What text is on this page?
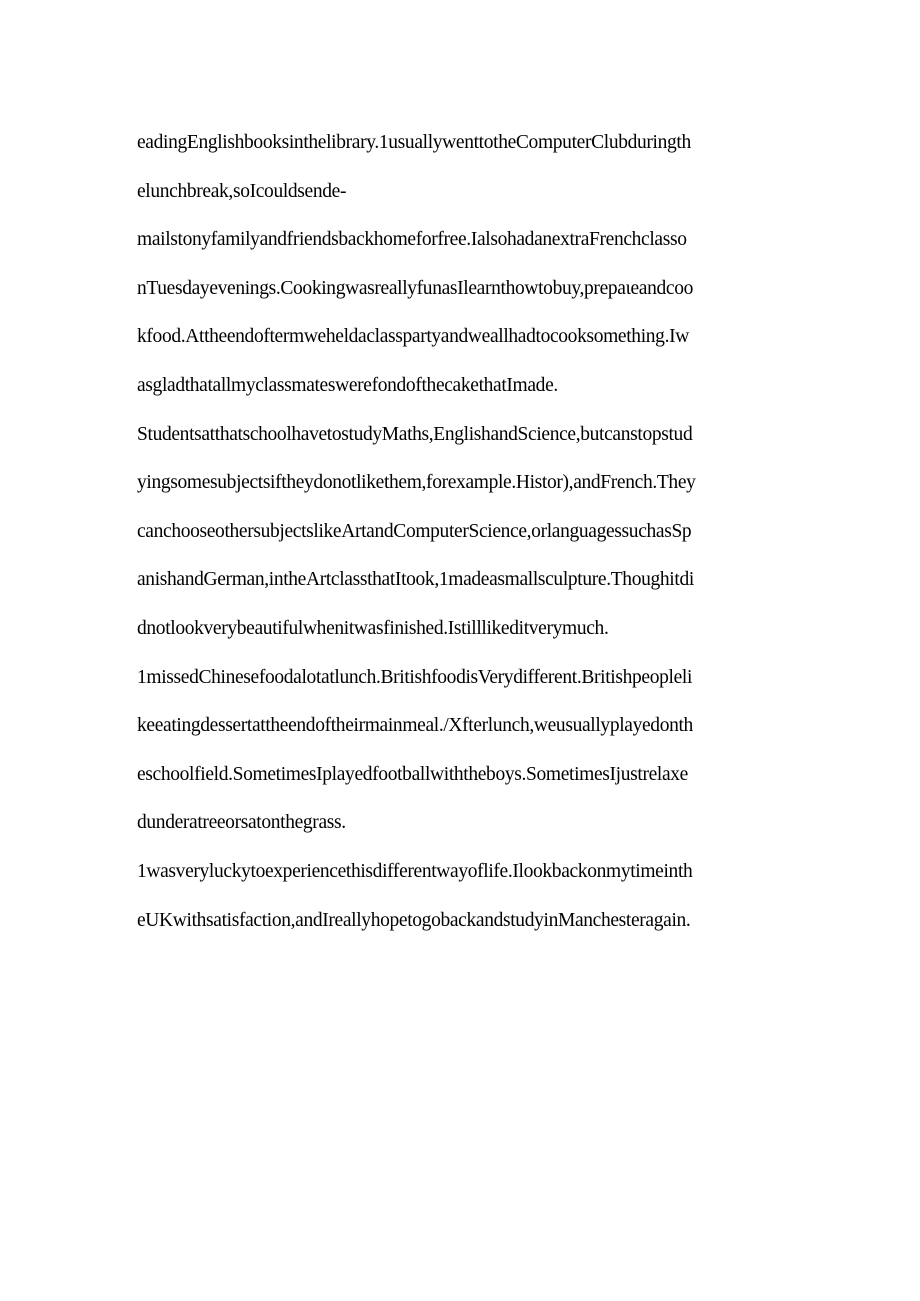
eadingEnglishbooksinthelibrary.1usuallywenttotheComputerClubduringth
elunchbreak,soIcouldsende-
mailstonyfamilyandfriendsbackhomeforfree.IalsohadanextraFrenchclasso
nTuesdayevenings.CookingwasreallyfunasIlearnthowtobuy,prepaιeandcoo
kfood.Attheendoftermweheldaclasspartyandweallhadtocooksomething.Iw
asgladthatallmyclassmateswerefondofthecakethatImade.
StudentsatthatschoolhavetostudyMaths,EnglishandScience,butcanstopstud
yingsomesubjectsiftheydonotlikethem,forexample.Histor),andFrench.They
canchooseothersubjectslikeArtandComputerScience,orlanguagessuchasSp
anishandGerman,intheArtclassthatItook,1madeasmallsculpture.Thoughitdi
dnotlookverybeautifulwhenitwasfinished.Istilllikeditverymuch.
1missedChinesefoodalotatlunch.BritishfoodisVerydifferent.Britishpeopleli
keeatingdessertattheendoftheirmainmeal./Xfterlunch,weusuallyplayedonth
eschoolfield.SometimesIplayedfootballwiththeboys.SometimesIjustrelaxe
dunderatreeorsatonthegrass.
1wasveryluckytoexperiencethisdifferentwayoflife.Ilookbackonmytimeinth
eUKwithsatisfaction,andIreallyhopetogobackandstudyinManchesteragain.
